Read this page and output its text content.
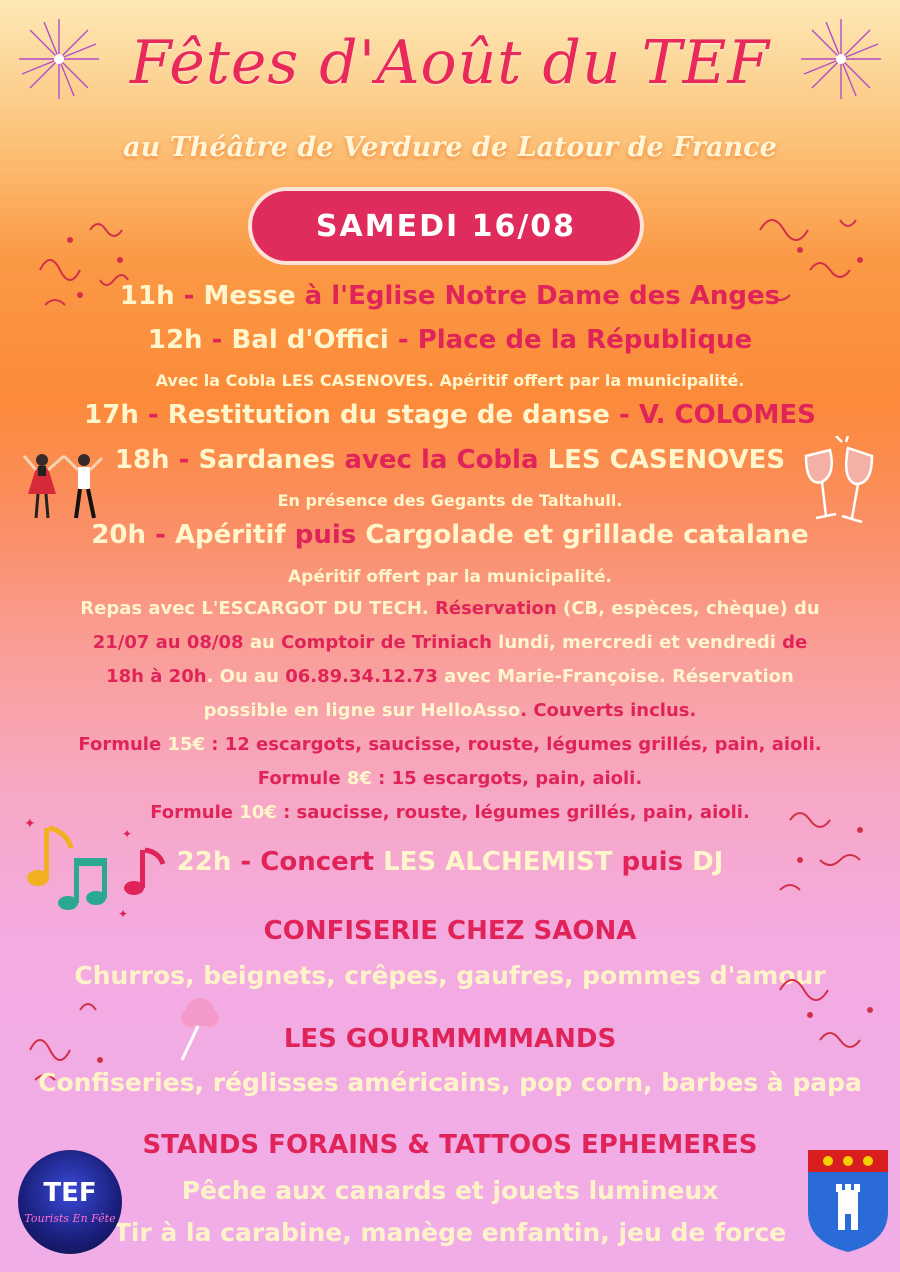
Fêtes d'Août du TEF
au Théâtre de Verdure de Latour de France
SAMEDI 16/08
11h - Messe à l'Eglise Notre Dame des Anges
12h - Bal d'Offici - Place de la République
Avec la Cobla LES CASENOVES. Apéritif offert par la municipalité.
17h - Restitution du stage de danse - V. COLOMES
18h - Sardanes avec la Cobla LES CASENOVES
En présence des Gegants de Taltahull.
20h - Apéritif puis Cargolade et grillade catalane
Apéritif offert par la municipalité.
Repas avec L'ESCARGOT DU TECH. Réservation (CB, espèces, chèque) du
21/07 au 08/08 au Comptoir de Triniach lundi, mercredi et vendredi de
18h à 20h. Ou au 06.89.34.12.73 avec Marie-Françoise. Réservation
possible en ligne sur HelloAsso. Couverts inclus.
Formule 15€ : 12 escargots, saucisse, rouste, légumes grillés, pain, aioli.
Formule 8€ : 15 escargots, pain, aioli.
Formule 10€ : saucisse, rouste, légumes grillés, pain, aioli.
✦
✦
✦
22h - Concert LES ALCHEMIST puis DJ
CONFISERIE CHEZ SAONA
Churros, beignets, crêpes, gaufres, pommes d'amour
LES GOURMMMMANDS
Confiseries, réglisses américains, pop corn, barbes à papa
STANDS FORAINS & TATTOOS EPHEMERES
Pêche aux canards et jouets lumineux
Tir à la carabine, manège enfantin, jeu de force
TEF
Tourists En Fête
